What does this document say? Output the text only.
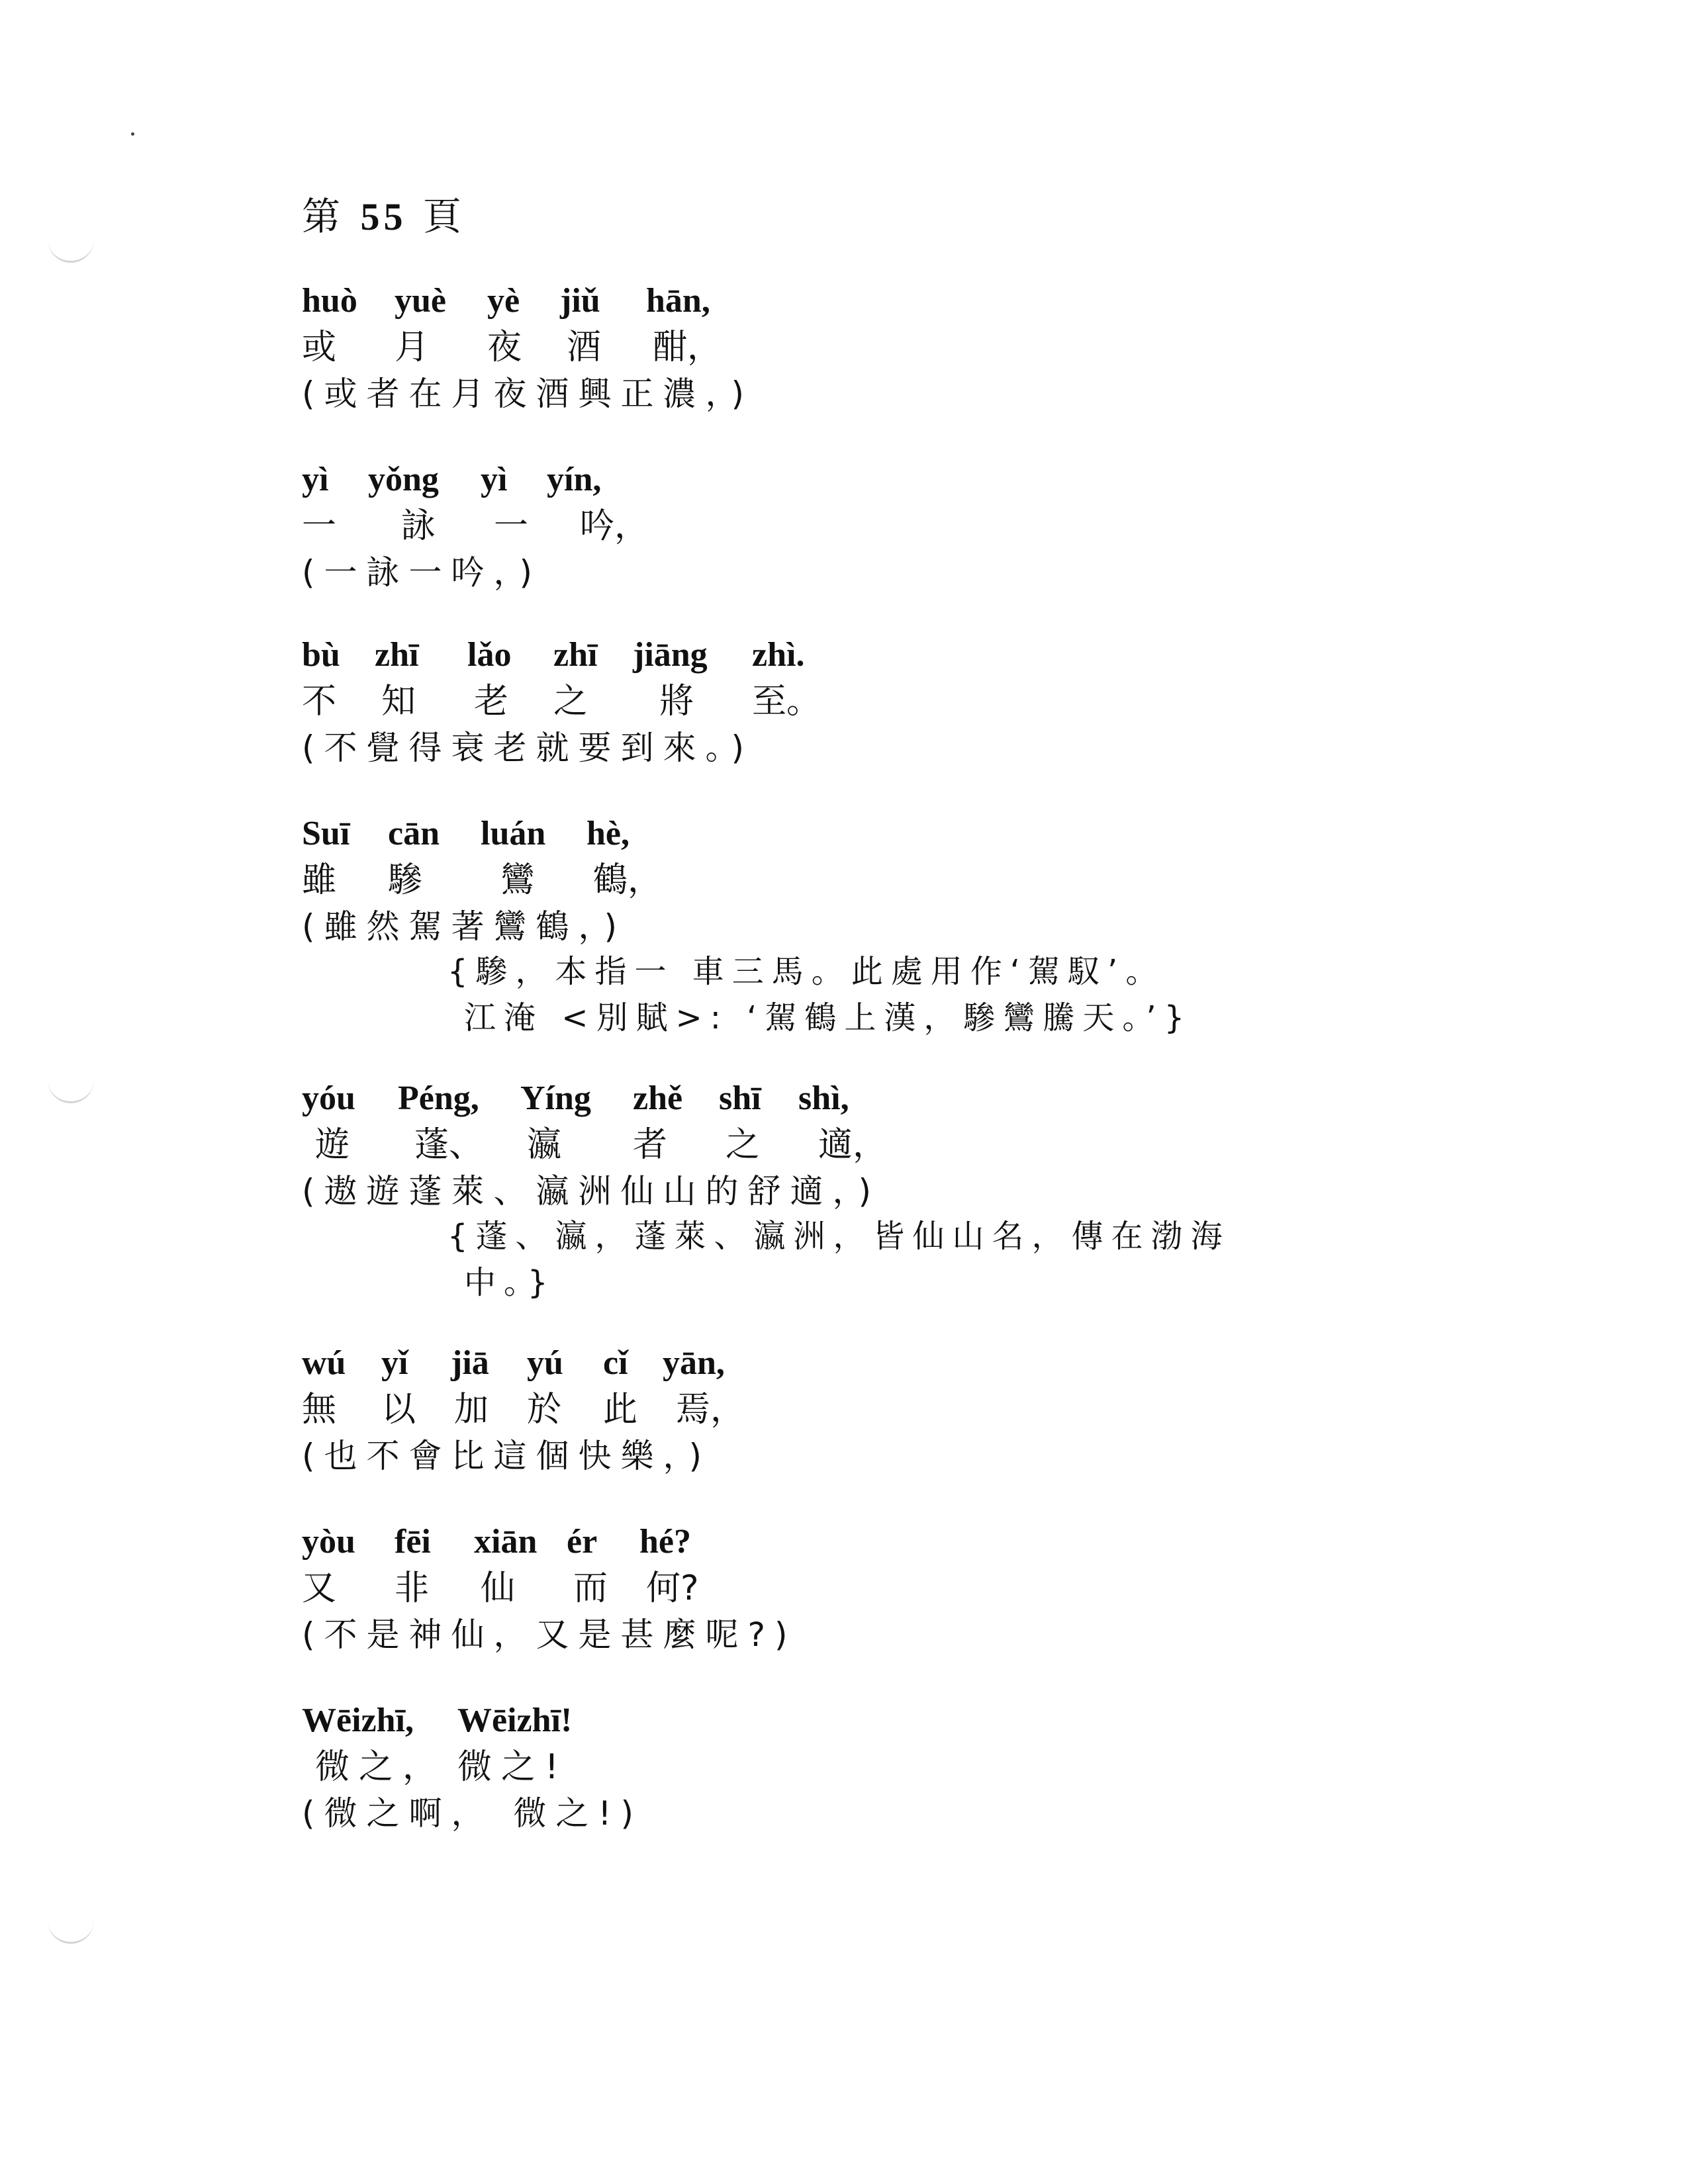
第 55 頁
huò yuè yè jiǔ hān,
或 月 夜 酒 酣，
(或者在月夜酒興正濃，)
yì yǒng yì yín,
一 詠 一 吟，
(一詠一吟，)
bù zhī lǎo zhī jiāng zhì.
不 知 老 之 將 至。
(不覺得衰老就要到來。)
Suī cān luán hè,
雖 驂 鸞 鶴，
(雖然駕著鸞鶴，)
{驂，本指一 車三馬。此處用作‘駕馭’。
江淹 <別賦>: ‘駕鶴上漢，驂鸞騰天。’}
yóu Péng, Yíng zhě shī shì,
遊 蓬、 瀛 者 之 適，
(遨遊蓬萊、瀛洲仙山的舒適，)
{蓬、瀛，蓬萊、瀛洲，皆仙山名，傳在渤海
中。}
wú yǐ jiā yú cǐ yān,
無 以 加 於 此 焉，
(也不會比這個快樂，)
yòu fēi xiān ér hé?
又 非 仙 而 何?
(不是神仙，又是甚麼呢?)
Wēizhī, Wēizhī!
微之， 微之!
(微之啊， 微之!)
